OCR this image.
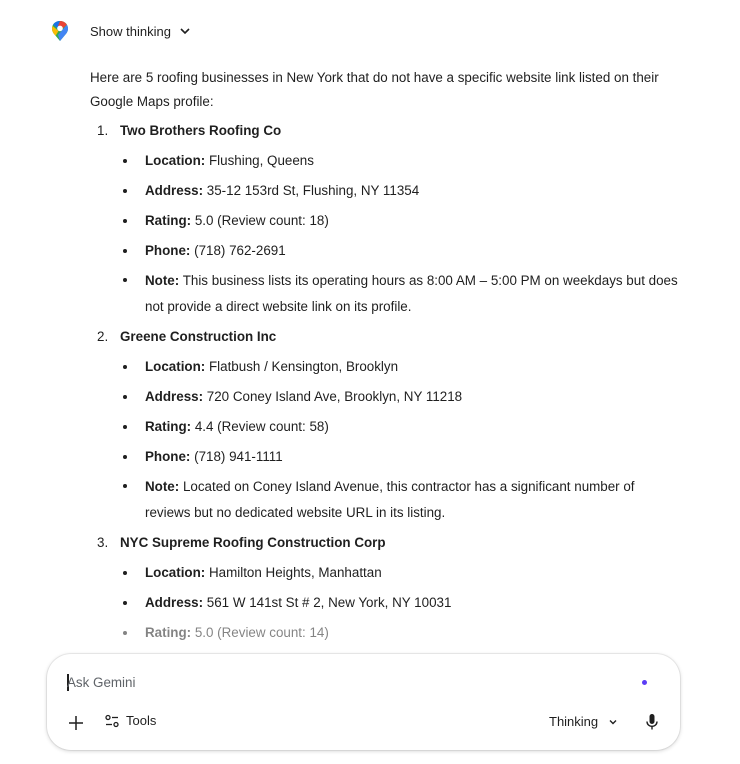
Show thinking

Here are 5 roofing businesses in New York that do not have a specific website link listed on their Google Maps profile:

1. Two Brothers Roofing Co
Location: Flushing, Queens
Address: 35-12 153rd St, Flushing, NY 11354
Rating: 5.0 (Review count: 18)
Phone: (718) 762-2691
Note: This business lists its operating hours as 8:00 AM – 5:00 PM on weekdays but does not provide a direct website link on its profile.
2. Greene Construction Inc
Location: Flatbush / Kensington, Brooklyn
Address: 720 Coney Island Ave, Brooklyn, NY 11218
Rating: 4.4 (Review count: 58)
Phone: (718) 941-1111
Note: Located on Coney Island Avenue, this contractor has a significant number of reviews but no dedicated website URL in its listing.
3. NYC Supreme Roofing Construction Corp
Location: Hamilton Heights, Manhattan
Address: 561 W 141st St # 2, New York, NY 10031
Rating: 5.0 (Review count: 14)
Ask Gemini
Tools	Thinking
